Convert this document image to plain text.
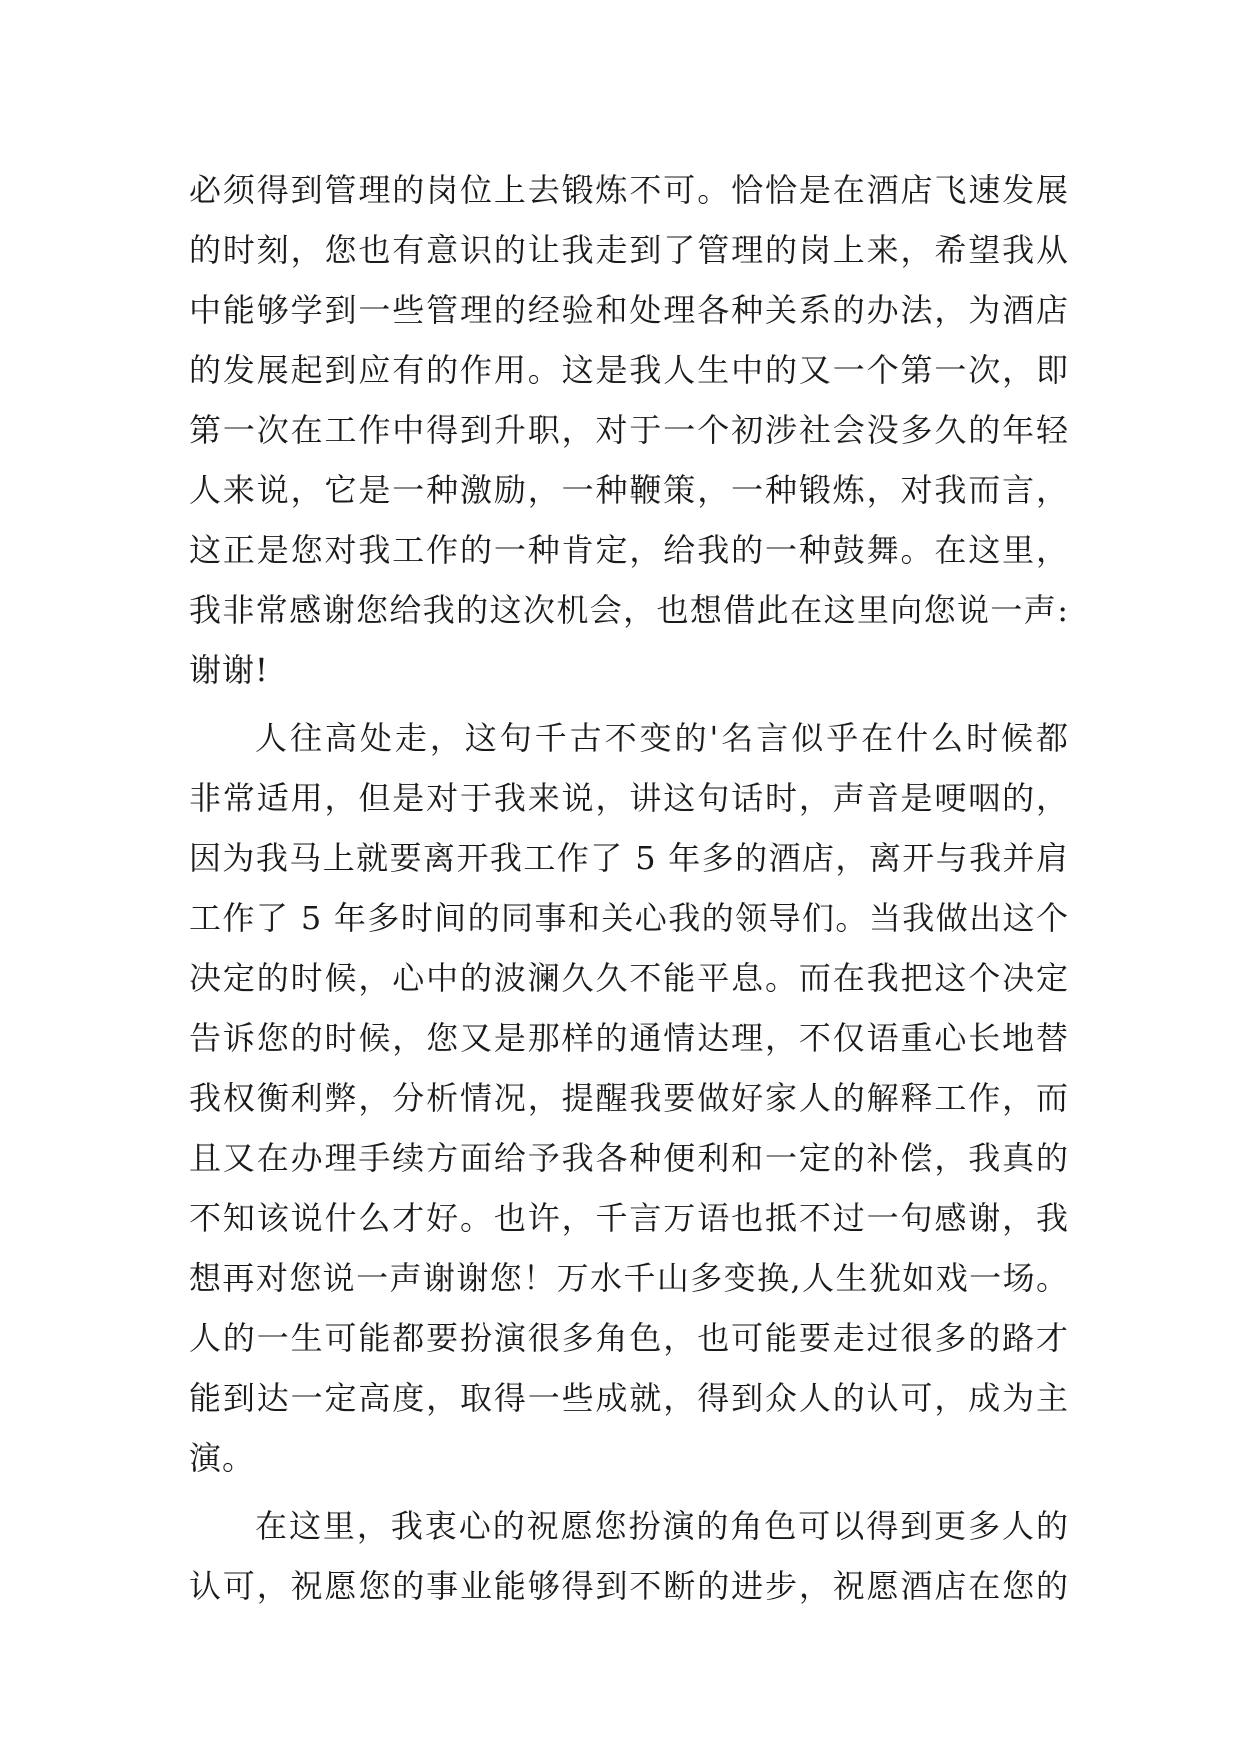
必须得到管理的岗位上去锻炼不可。恰恰是在酒店飞速发展
的时刻，您也有意识的让我走到了管理的岗上来，希望我从
中能够学到一些管理的经验和处理各种关系的办法，为酒店
的发展起到应有的作用。这是我人生中的又一个第一次，即
第一次在工作中得到升职，对于一个初涉社会没多久的年轻
人来说，它是一种激励，一种鞭策，一种锻炼，对我而言，
这正是您对我工作的一种肯定，给我的一种鼓舞。在这里，
我非常感谢您给我的这次机会，也想借此在这里向您说一声:
谢谢!
人往高处走，这句千古不变的'名言似乎在什么时候都
非常适用，但是对于我来说，讲这句话时，声音是哽咽的，
因为我马上就要离开我工作了 5 年多的酒店，离开与我并肩
工作了 5 年多时间的同事和关心我的领导们。当我做出这个
决定的时候，心中的波澜久久不能平息。而在我把这个决定
告诉您的时候，您又是那样的通情达理，不仅语重心长地替
我权衡利弊，分析情况，提醒我要做好家人的解释工作，而
且又在办理手续方面给予我各种便利和一定的补偿，我真的
不知该说什么才好。也许，千言万语也抵不过一句感谢，我
想再对您说一声谢谢您！万水千山多变换,人生犹如戏一场。
人的一生可能都要扮演很多角色，也可能要走过很多的路才
能到达一定高度，取得一些成就，得到众人的认可，成为主
演。
在这里，我衷心的祝愿您扮演的角色可以得到更多人的
认可，祝愿您的事业能够得到不断的进步，祝愿酒店在您的
